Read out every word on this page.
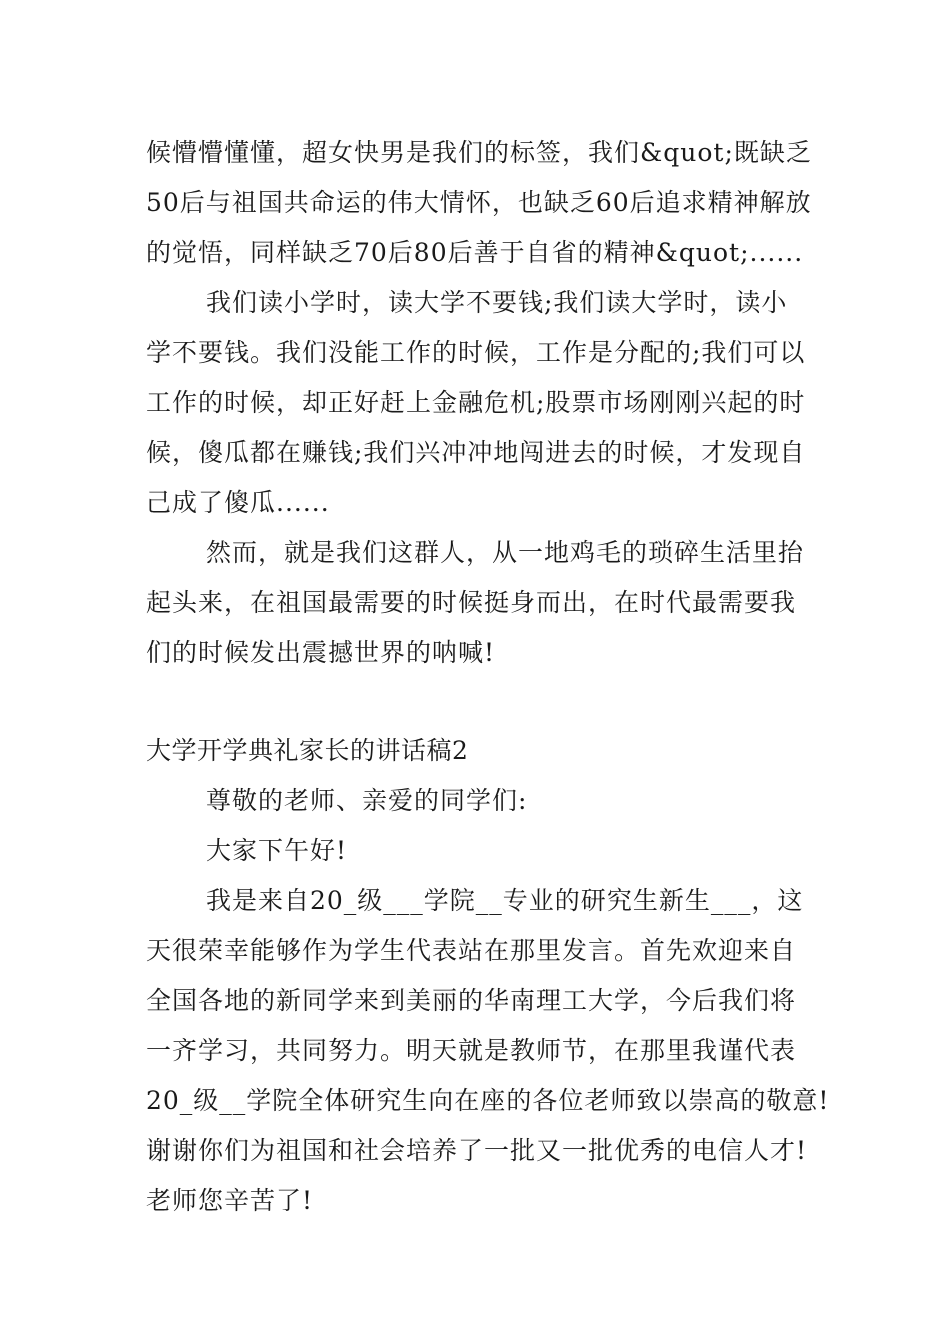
候懵懵懂懂，超女快男是我们的标签，我们&quot;既缺乏
50后与祖国共命运的伟大情怀，也缺乏60后追求精神解放
的觉悟，同样缺乏70后80后善于自省的精神&quot;......
我们读小学时，读大学不要钱;我们读大学时，读小
学不要钱。我们没能工作的时候，工作是分配的;我们可以
工作的时候，却正好赶上金融危机;股票市场刚刚兴起的时
候，傻瓜都在赚钱;我们兴冲冲地闯进去的时候，才发现自
己成了傻瓜......
然而，就是我们这群人，从一地鸡毛的琐碎生活里抬
起头来，在祖国最需要的时候挺身而出，在时代最需要我
们的时候发出震撼世界的呐喊!
大学开学典礼家长的讲话稿2
尊敬的老师、亲爱的同学们:
大家下午好!
我是来自20_级___学院__专业的研究生新生___，这
天很荣幸能够作为学生代表站在那里发言。首先欢迎来自
全国各地的新同学来到美丽的华南理工大学，今后我们将
一齐学习，共同努力。明天就是教师节，在那里我谨代表
20_级__学院全体研究生向在座的各位老师致以崇高的敬意!
谢谢你们为祖国和社会培养了一批又一批优秀的电信人才!
老师您辛苦了!
